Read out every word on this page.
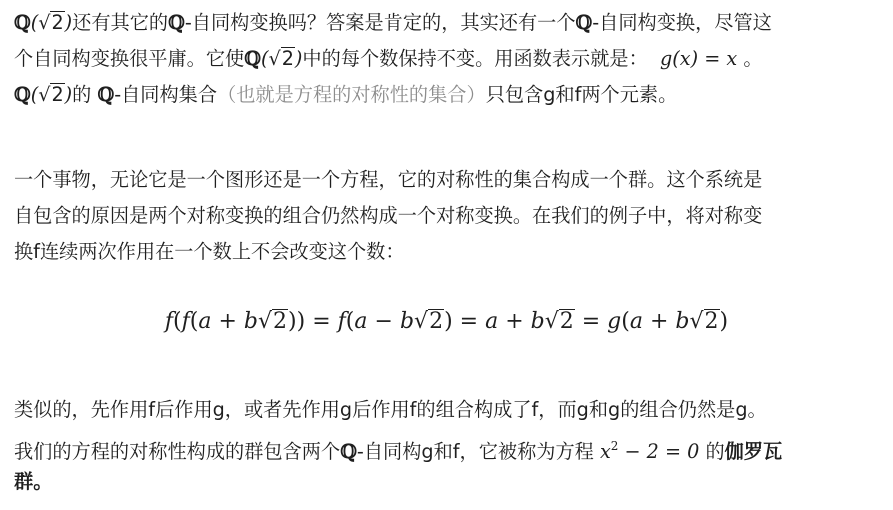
ℚ(√2)还有其它的ℚ-自同构变换吗？答案是肯定的，其实还有一个ℚ-自同构变换，尽管这
个自同构变换很平庸。它使ℚ(√2)中的每个数保持不变。用函数表示就是： g(x) = x 。
ℚ(√2)的 ℚ-自同构集合（也就是方程的对称性的集合）只包含g和f两个元素。
一个事物，无论它是一个图形还是一个方程，它的对称性的集合构成一个群。这个系统是
自包含的原因是两个对称变换的组合仍然构成一个对称变换。在我们的例子中，将对称变
换f连续两次作用在一个数上不会改变这个数：
f(f(a + b√2)) = f(a − b√2) = a + b√2 = g(a + b√2)
类似的，先作用f后作用g，或者先作用g后作用f的组合构成了f，而g和g的组合仍然是g。
我们的方程的对称性构成的群包含两个ℚ-自同构g和f，它被称为方程 $x^2 - 2 = 0$ 的伽罗瓦
群。
